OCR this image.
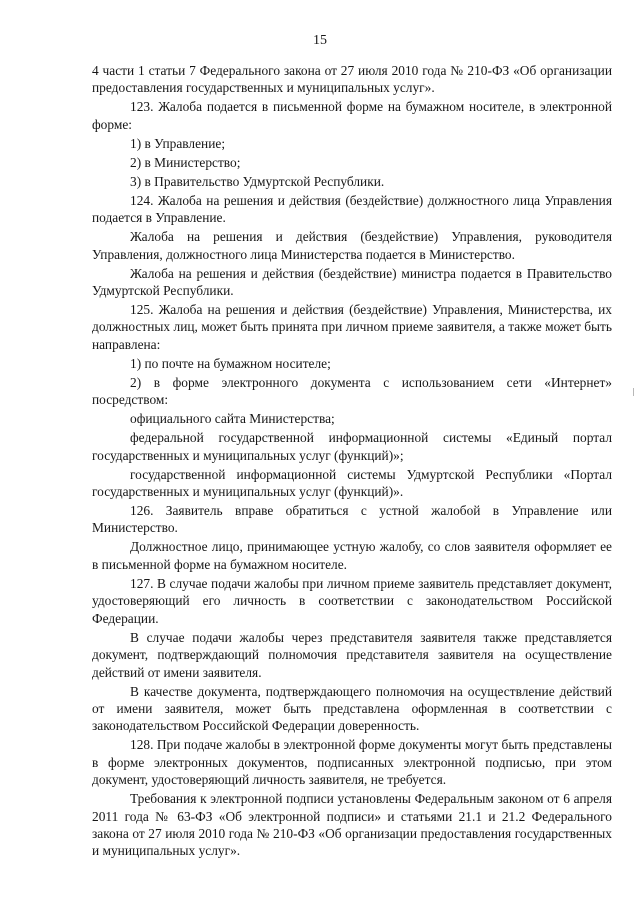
15

4 части 1 статьи 7 Федерального закона от 27 июля 2010 года № 210-ФЗ «Об организации предоставления государственных и муниципальных услуг».

123. Жалоба подается в письменной форме на бумажном носителе, в электронной форме:

1) в Управление;

2) в Министерство;

3) в Правительство Удмуртской Республики.

124. Жалоба на решения и действия (бездействие) должностного лица Управления подается в Управление.

Жалоба на решения и действия (бездействие) Управления, руководителя Управления, должностного лица Министерства подается в Министерство.

Жалоба на решения и действия (бездействие) министра подается в Правительство Удмуртской Республики.

125. Жалоба на решения и действия (бездействие) Управления, Министерства, их должностных лиц, может быть принята при личном приеме заявителя, а также может быть направлена:

1) по почте на бумажном носителе;

2) в форме электронного документа с использованием сети «Интернет» посредством:

официального сайта Министерства;

федеральной государственной информационной системы «Единый портал государственных и муниципальных услуг (функций)»;

государственной информационной системы Удмуртской Республики «Портал государственных и муниципальных услуг (функций)».

126. Заявитель вправе обратиться с устной жалобой в Управление или Министерство.

Должностное лицо, принимающее устную жалобу, со слов заявителя оформляет ее в письменной форме на бумажном носителе.

127. В случае подачи жалобы при личном приеме заявитель представляет документ, удостоверяющий его личность в соответствии с законодательством Российской Федерации.

В случае подачи жалобы через представителя заявителя также представляется документ, подтверждающий полномочия представителя заявителя на осуществление действий от имени заявителя.

В качестве документа, подтверждающего полномочия на осуществление действий от имени заявителя, может быть представлена оформленная в соответствии с законодательством Российской Федерации доверенность.

128. При подаче жалобы в электронной форме документы могут быть представлены в форме электронных документов, подписанных электронной подписью, при этом документ, удостоверяющий личность заявителя, не требуется.

Требования к электронной подписи установлены Федеральным законом от 6 апреля 2011 года № 63-ФЗ «Об электронной подписи» и статьями 21.1 и 21.2 Федерального закона от 27 июля 2010 года № 210-ФЗ «Об организации предоставления государственных и муниципальных услуг».
